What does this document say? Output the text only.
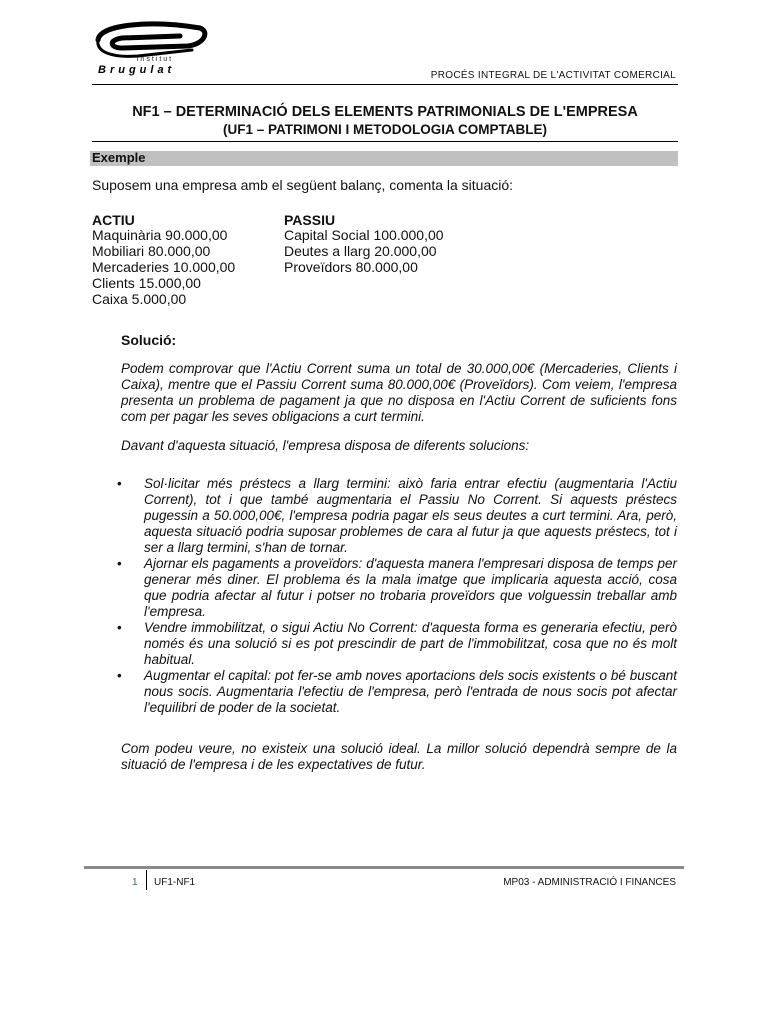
institut
Brugulat	PROCÉS INTEGRAL DE L'ACTIVITAT COMERCIAL
NF1 – DETERMINACIÓ DELS ELEMENTS PATRIMONIALS DE L'EMPRESA
(UF1 – PATRIMONI I METODOLOGIA COMPTABLE)
Exemple
Suposem una empresa amb el següent balanç, comenta la situació:
ACTIU
Maquinària 90.000,00
Mobiliari 80.000,00
Mercaderies 10.000,00
Clients 15.000,00
Caixa 5.000,00
PASSIU
Capital Social 100.000,00
Deutes a llarg 20.000,00
Proveïdors 80.000,00
Solució:
Podem comprovar que l'Actiu Corrent suma un total de 30.000,00€ (Mercaderies, Clients i Caixa), mentre que el Passiu Corrent suma 80.000,00€ (Proveïdors). Com veiem, l'empresa presenta un problema de pagament ja que no disposa en l'Actiu Corrent de suficients fons com per pagar les seves obligacions a curt termini.
Davant d'aquesta situació, l'empresa disposa de diferents solucions:
• Sol·licitar més préstecs a llarg termini: això faria entrar efectiu (augmentaria l'Actiu Corrent), tot i que també augmentaria el Passiu No Corrent. Si aquests préstecs pugessin a 50.000,00€, l'empresa podria pagar els seus deutes a curt termini. Ara, però, aquesta situació podria suposar problemes de cara al futur ja que aquests préstecs, tot i ser a llarg termini, s'han de tornar.
• Ajornar els pagaments a proveïdors: d'aquesta manera l'empresari disposa de temps per generar més diner. El problema és la mala imatge que implicaria aquesta acció, cosa que podria afectar al futur i potser no trobaria proveïdors que volguessin treballar amb l'empresa.
• Vendre immobilitzat, o sigui Actiu No Corrent: d'aquesta forma es generaria efectiu, però només és una solució si es pot prescindir de part de l'immobilitzat, cosa que no és molt habitual.
• Augmentar el capital: pot fer-se amb noves aportacions dels socis existents o bé buscant nous socis. Augmentaria l'efectiu de l'empresa, però l'entrada de nous socis pot afectar l'equilibri de poder de la societat.
Com podeu veure, no existeix una solució ideal. La millor solució dependrà sempre de la situació de l'empresa i de les expectatives de futur.
1 UF1-NF1	MP03 - ADMINISTRACIÓ I FINANCES
